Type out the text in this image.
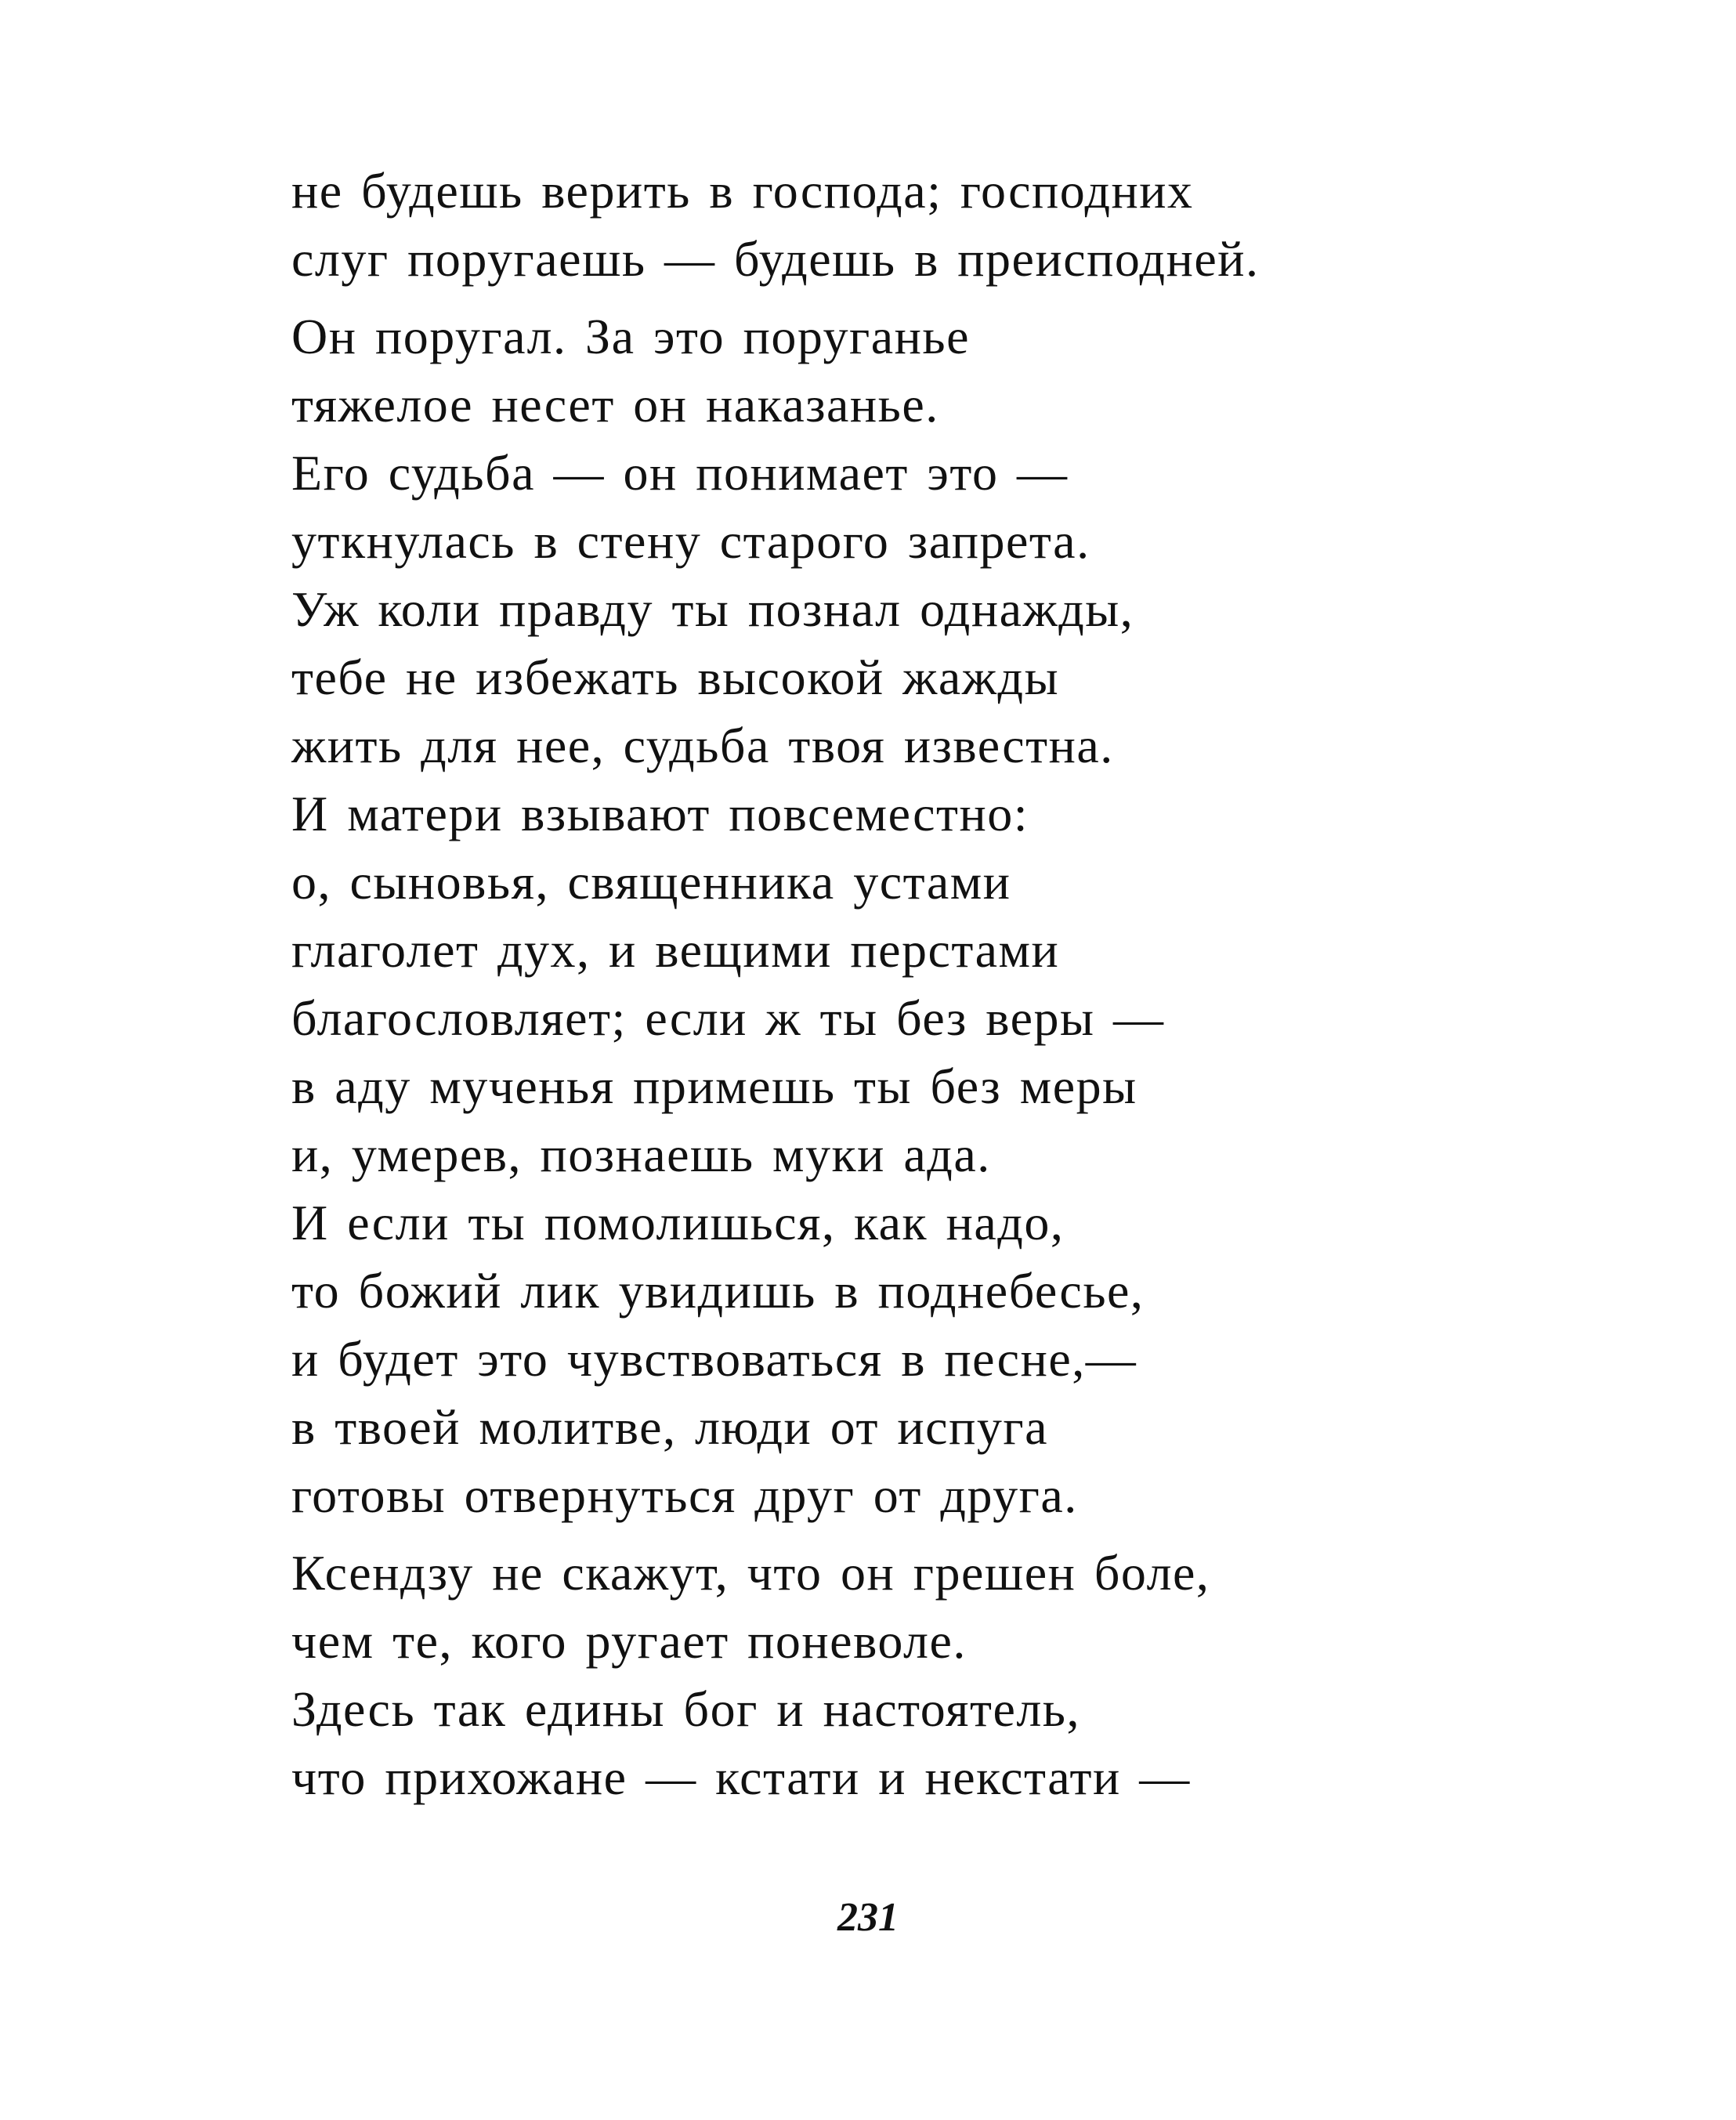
не будешь верить в господа; господних
слуг поругаешь — будешь в преисподней.
Он поругал. За это поруганье
тяжелое несет он наказанье.
Его судьба — он понимает это —
уткнулась в стену старого запрета.
Уж коли правду ты познал однажды,
тебе не избежать высокой жажды
жить для нее, судьба твоя известна.
И матери взывают повсеместно:
о, сыновья, священника устами
глаголет дух, и вещими перстами
благословляет; если ж ты без веры —
в аду мученья примешь ты без меры
и, умерев, познаешь муки ада.
И если ты помолишься, как надо,
то божий лик увидишь в поднебесье,
и будет это чувствоваться в песне,—
в твоей молитве, люди от испуга
готовы отвернуться друг от друга.
Ксендзу не скажут, что он грешен боле,
чем те, кого ругает поневоле.
Здесь так едины бог и настоятель,
что прихожане — кстати и некстати —
231
